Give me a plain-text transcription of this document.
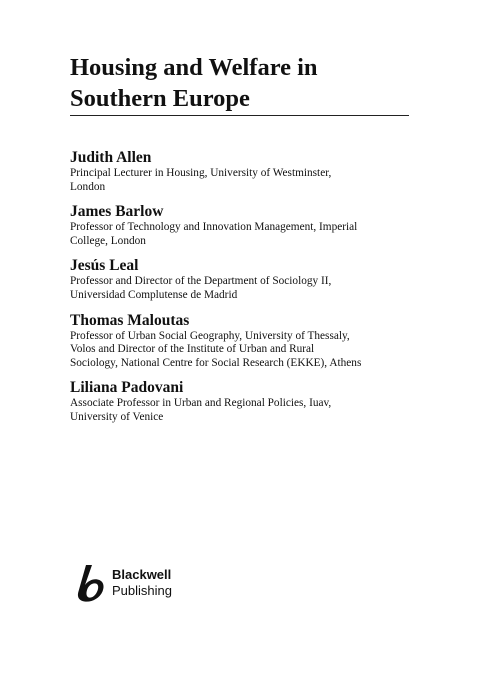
Housing and Welfare in
Southern Europe
Judith Allen
Principal Lecturer in Housing, University of Westminster,
London
James Barlow
Professor of Technology and Innovation Management, Imperial
College, London
Jesús Leal
Professor and Director of the Department of Sociology II,
Universidad Complutense de Madrid
Thomas Maloutas
Professor of Urban Social Geography, University of Thessaly,
Volos and Director of the Institute of Urban and Rural
Sociology, National Centre for Social Research (EKKE), Athens
Liliana Padovani
Associate Professor in Urban and Regional Policies, Iuav,
University of Venice
Blackwell
Publishing
